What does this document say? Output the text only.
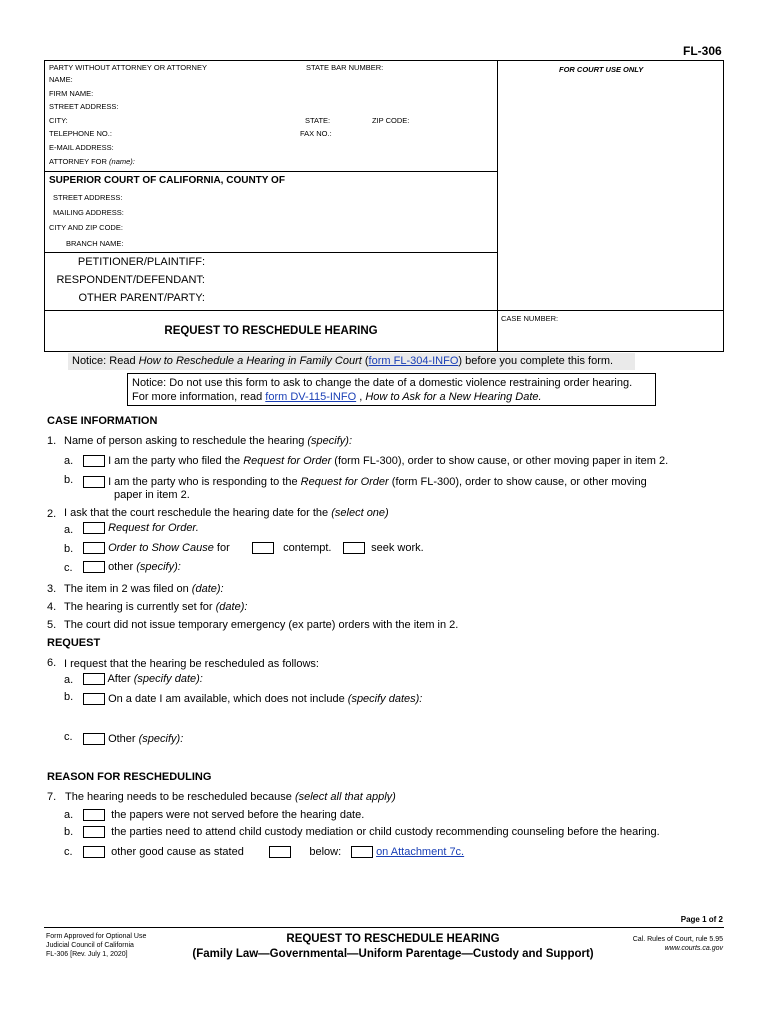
FL-306
PARTY WITHOUT ATTORNEY OR ATTORNEY	STATE BAR NUMBER:	FOR COURT USE ONLY
NAME:
FIRM NAME:
STREET ADDRESS:
CITY:	STATE:	ZIP CODE:
TELEPHONE NO.:	FAX NO.:
E-MAIL ADDRESS:
ATTORNEY FOR (name):
SUPERIOR COURT OF CALIFORNIA, COUNTY OF
STREET ADDRESS:
MAILING ADDRESS:
CITY AND ZIP CODE:
BRANCH NAME:
PETITIONER/PLAINTIFF:
RESPONDENT/DEFENDANT:
OTHER PARENT/PARTY:
REQUEST TO RESCHEDULE HEARING
CASE NUMBER:
Notice: Read How to Reschedule a Hearing in Family Court (form FL-304-INFO) before you complete this form.
Notice: Do not use this form to ask to change the date of a domestic violence restraining order hearing.
For more information, read form DV-115-INFO , How to Ask for a New Hearing Date.
CASE INFORMATION
1. Name of person asking to reschedule the hearing (specify):
a.	I am the party who filed the Request for Order (form FL-300), order to show cause, or other moving paper in item 2.
b.	I am the party who is responding to the Request for Order (form FL-300), order to show cause, or other moving
paper in item 2.
2. I ask that the court reschedule the hearing date for the (select one)
a.	Request for Order.
b.	Order to Show Cause for	contempt.	seek work.
c.	other (specify):
3. The item in 2 was filed on (date):
4. The hearing is currently set for (date):
5. The court did not issue temporary emergency (ex parte) orders with the item in 2.
REQUEST
6. I request that the hearing be rescheduled as follows:
a.	After (specify date):
b.	On a date I am available, which does not include (specify dates):
c.	Other (specify):
REASON FOR RESCHEDULING
7. The hearing needs to be rescheduled because (select all that apply)
a.	the papers were not served before the hearing date.
b.	the parties need to attend child custody mediation or child custody recommending counseling before the hearing.
c.	other good cause as stated	below:	on Attachment 7c.
Page 1 of 2
Form Approved for Optional Use
Judicial Council of California
FL-306 [Rev. July 1, 2020]
REQUEST TO RESCHEDULE HEARING
(Family Law—Governmental—Uniform Parentage—Custody and Support)
Cal. Rules of Court, rule 5.95
www.courts.ca.gov
